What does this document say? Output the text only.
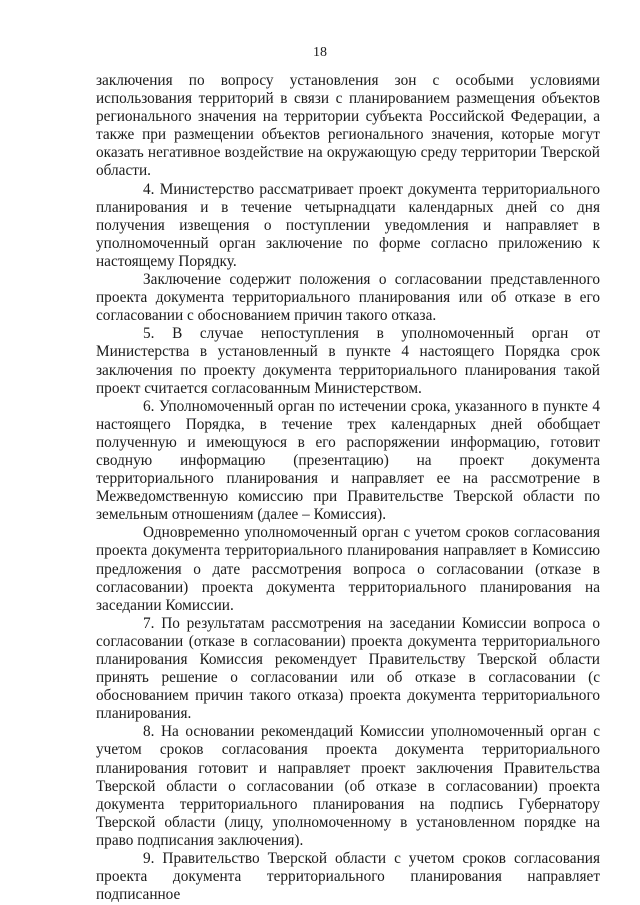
18

заключения по вопросу установления зон с особыми условиями использования территорий в связи с планированием размещения объектов регионального значения на территории субъекта Российской Федерации, а также при размещении объектов регионального значения, которые могут оказать негативное воздействие на окружающую среду территории Тверской области.

4. Министерство рассматривает проект документа территориального планирования и в течение четырнадцати календарных дней со дня получения извещения о поступлении уведомления и направляет в уполномоченный орган заключение по форме согласно приложению к настоящему Порядку.

Заключение содержит положения о согласовании представленного проекта документа территориального планирования или об отказе в его согласовании с обоснованием причин такого отказа.

5. В случае непоступления в уполномоченный орган от Министерства в установленный в пункте 4 настоящего Порядка срок заключения по проекту документа территориального планирования такой проект считается согласованным Министерством.

6. Уполномоченный орган по истечении срока, указанного в пункте 4 настоящего Порядка, в течение трех календарных дней обобщает полученную и имеющуюся в его распоряжении информацию, готовит сводную информацию (презентацию) на проект документа территориального планирования и направляет ее на рассмотрение в Межведомственную комиссию при Правительстве Тверской области по земельным отношениям (далее – Комиссия).

Одновременно уполномоченный орган с учетом сроков согласования проекта документа территориального планирования направляет в Комиссию предложения о дате рассмотрения вопроса о согласовании (отказе в согласовании) проекта документа территориального планирования на заседании Комиссии.

7. По результатам рассмотрения на заседании Комиссии вопроса о согласовании (отказе в согласовании) проекта документа территориального планирования Комиссия рекомендует Правительству Тверской области принять решение о согласовании или об отказе в согласовании (с обоснованием причин такого отказа) проекта документа территориального планирования.

8. На основании рекомендаций Комиссии уполномоченный орган с учетом сроков согласования проекта документа территориального планирования готовит и направляет проект заключения Правительства Тверской области о согласовании (об отказе в согласовании) проекта документа территориального планирования на подпись Губернатору Тверской области (лицу, уполномоченному в установленном порядке на право подписания заключения).

9. Правительство Тверской области с учетом сроков согласования проекта документа территориального планирования направляет подписанное
